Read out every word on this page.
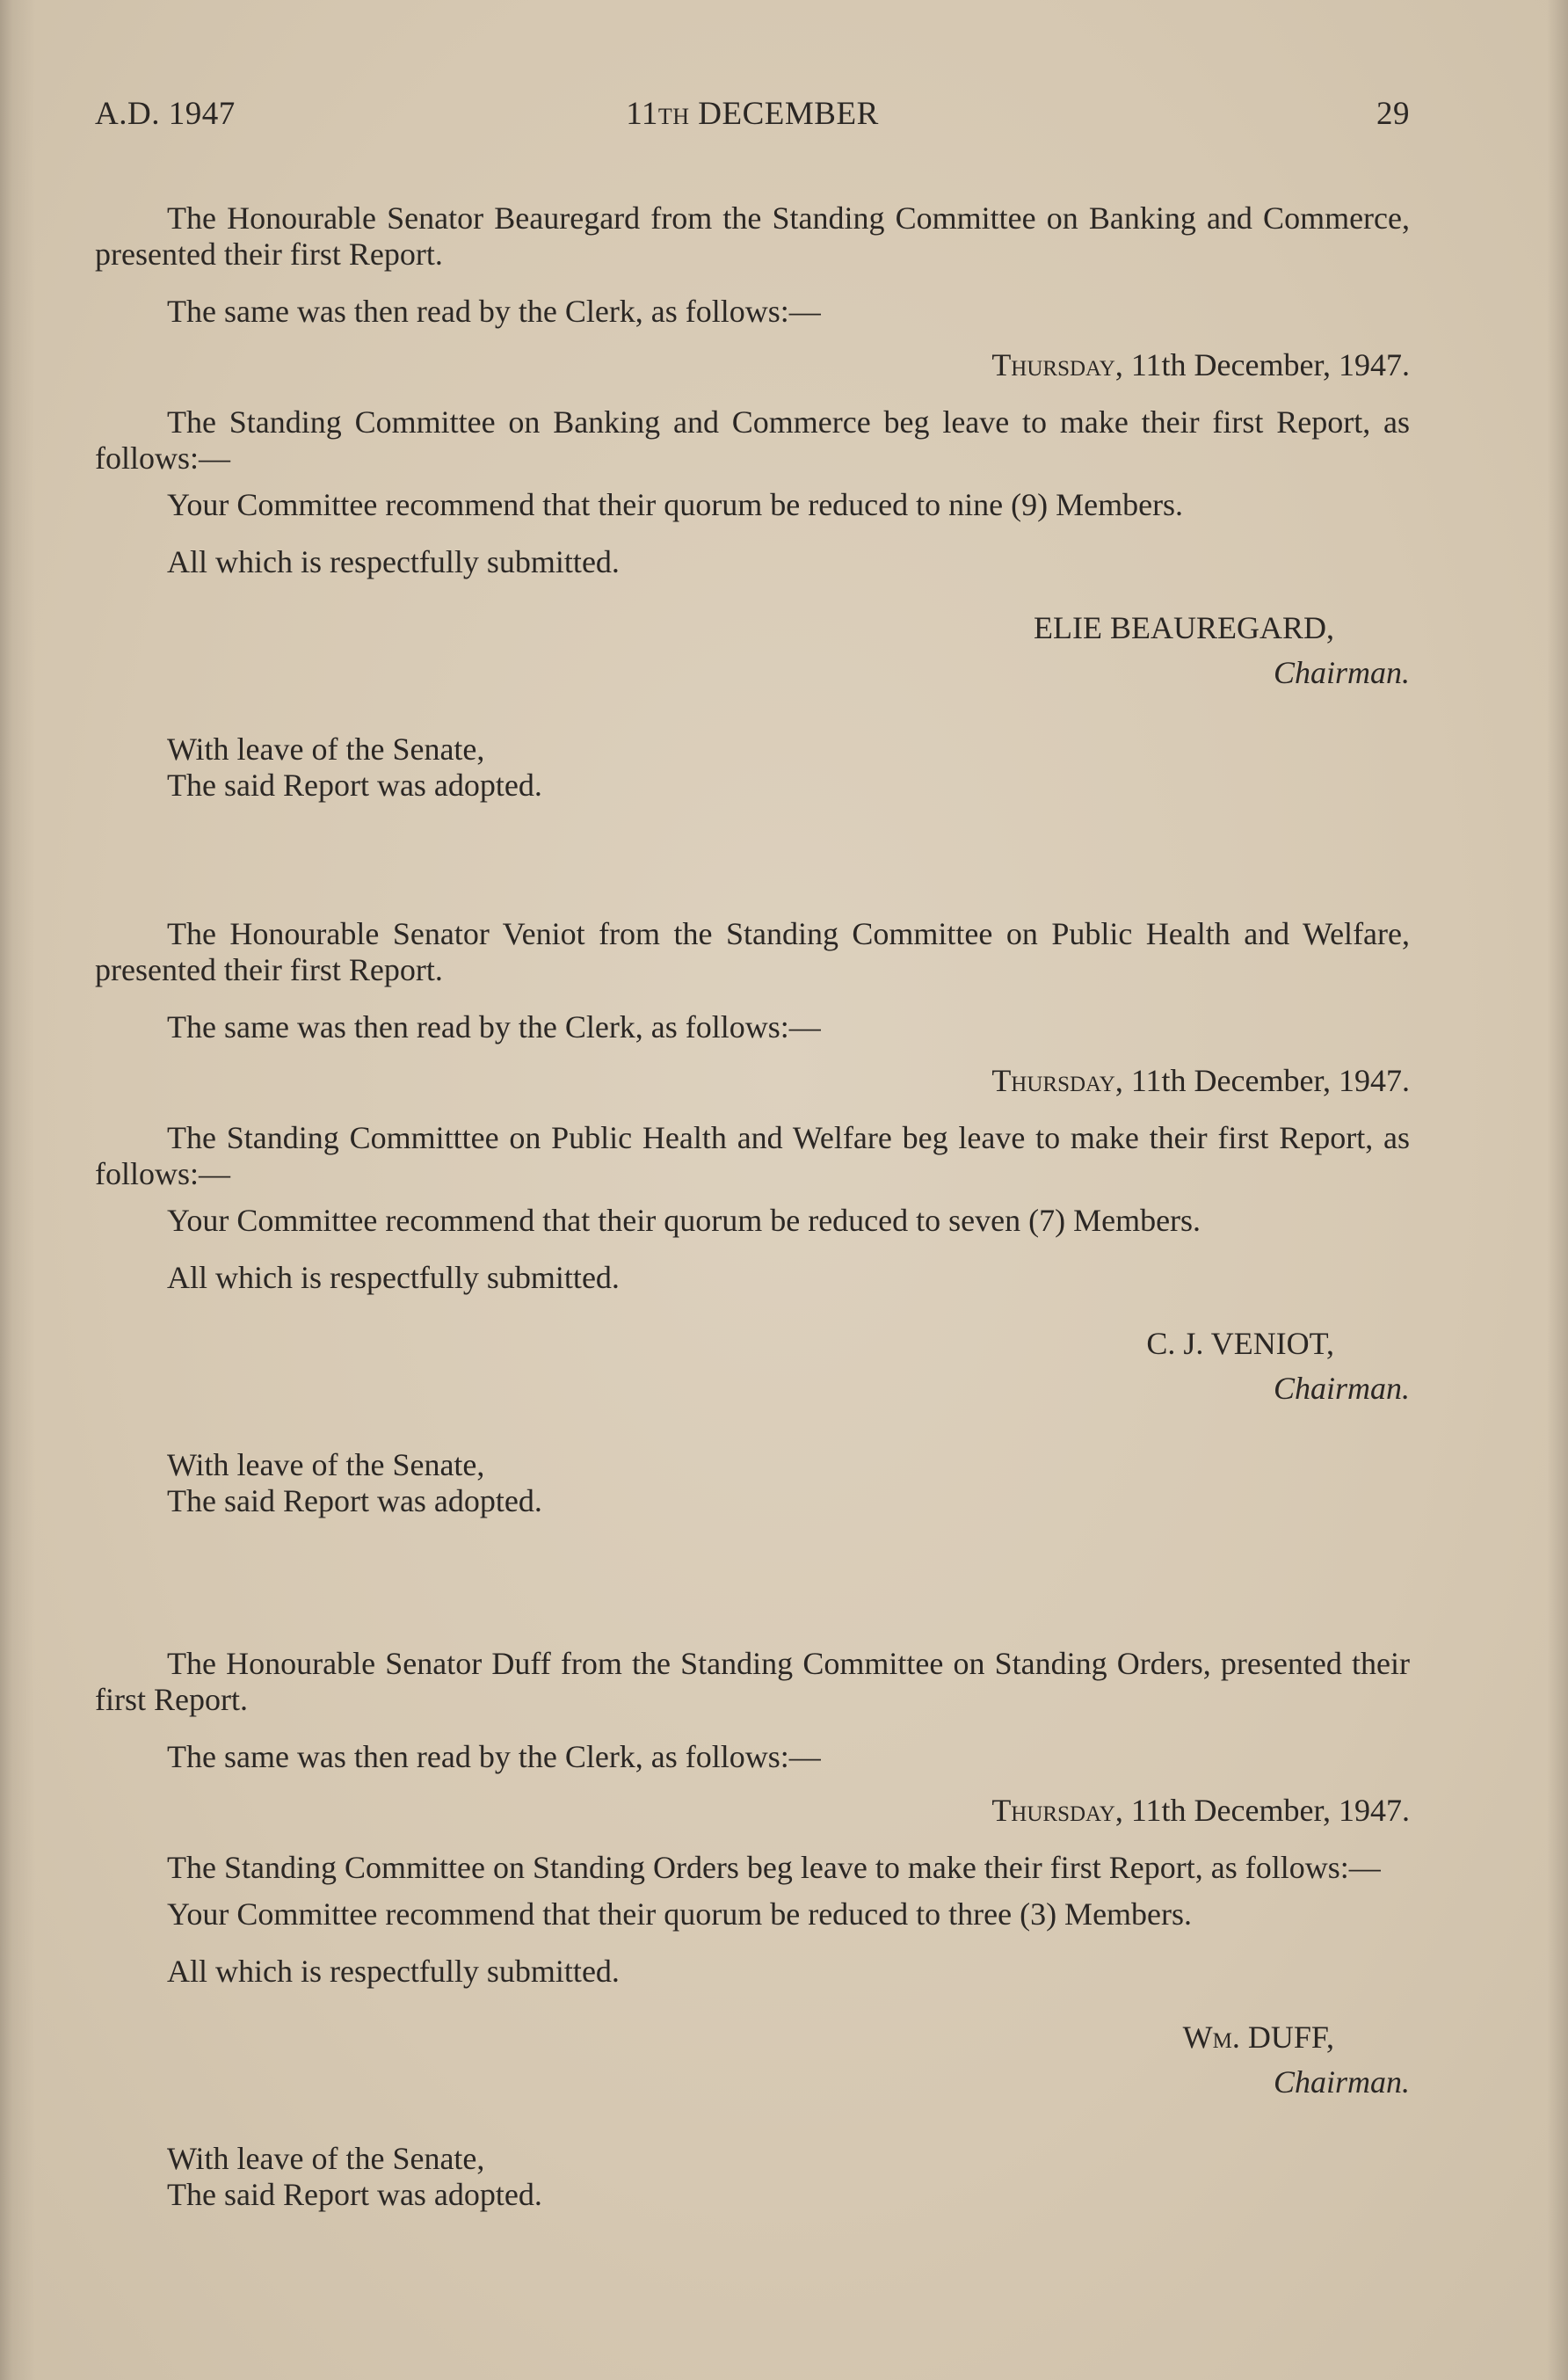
A.D. 1947	11th DECEMBER	29

The Honourable Senator Beauregard from the Standing Committee on Banking and Commerce, presented their first Report.

The same was then read by the Clerk, as follows:—

Thursday, 11th December, 1947.

The Standing Committee on Banking and Commerce beg leave to make their first Report, as follows:—

Your Committee recommend that their quorum be reduced to nine (9) Members.

All which is respectfully submitted.

ELIE BEAUREGARD,

Chairman.

With leave of the Senate,

The said Report was adopted.

The Honourable Senator Veniot from the Standing Committee on Public Health and Welfare, presented their first Report.

The same was then read by the Clerk, as follows:—

Thursday, 11th December, 1947.

The Standing Committtee on Public Health and Welfare beg leave to make their first Report, as follows:—

Your Committee recommend that their quorum be reduced to seven (7) Members.

All which is respectfully submitted.

C. J. VENIOT,

Chairman.

With leave of the Senate,

The said Report was adopted.

The Honourable Senator Duff from the Standing Committee on Standing Orders, presented their first Report.

The same was then read by the Clerk, as follows:—

Thursday, 11th December, 1947.

The Standing Committee on Standing Orders beg leave to make their first Report, as follows:—

Your Committee recommend that their quorum be reduced to three (3) Members.

All which is respectfully submitted.

Wm. DUFF,

Chairman.

With leave of the Senate,

The said Report was adopted.
